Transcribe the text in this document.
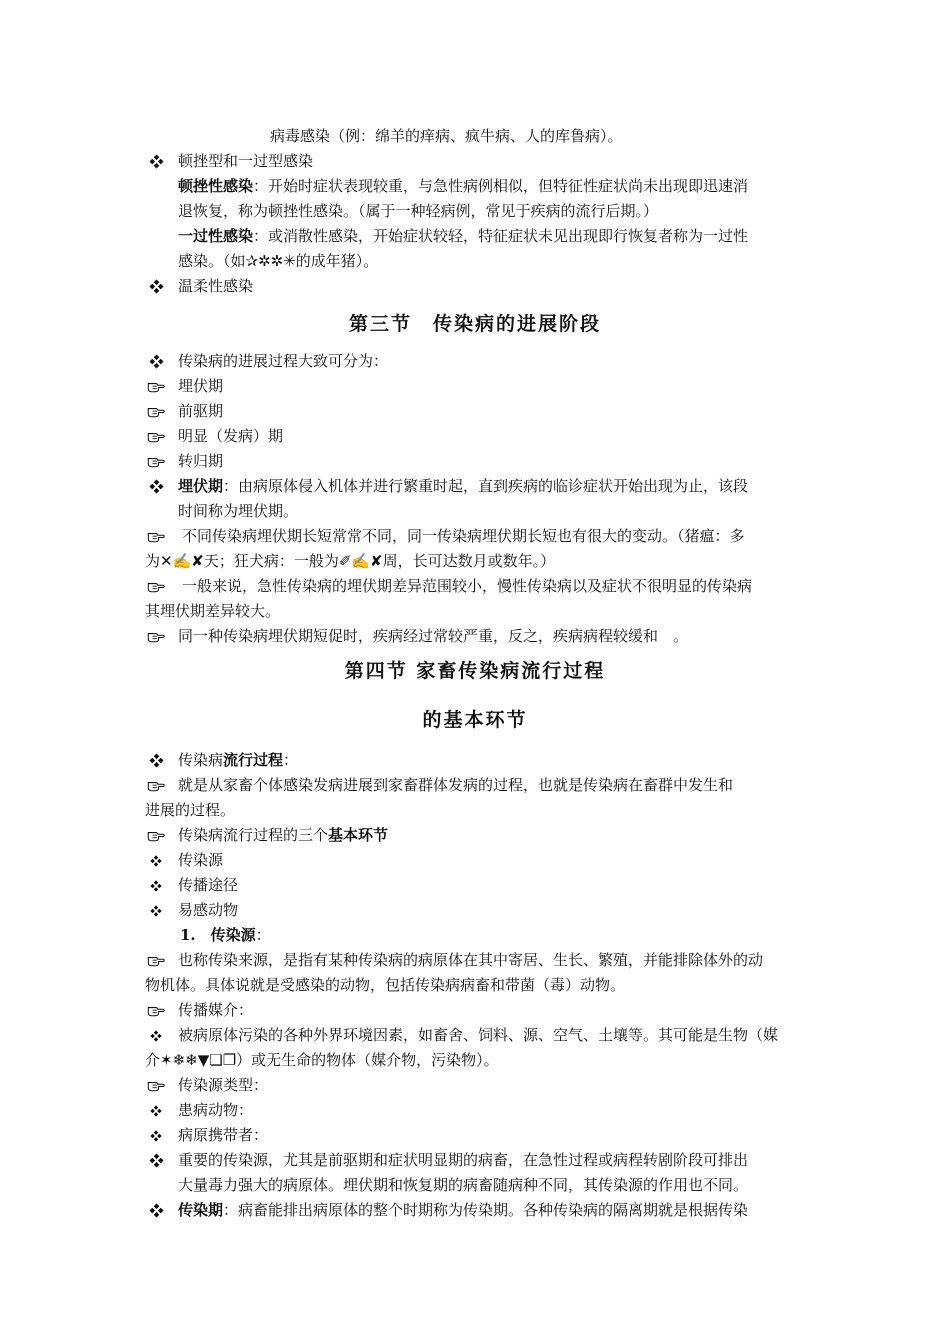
病毒感染（例：绵羊的痒病、疯牛病、人的库鲁病）。
顿挫型和一过型感染
顿挫性感染：开始时症状表现较重，与急性病例相似，但特征性症状尚未出现即迅速消
退恢复，称为顿挫性感染。（属于一种轻病例，常见于疾病的流行后期。）
一过性感染：或消散性感染，开始症状较轻，特征症状未见出现即行恢复者称为一过性
感染。（如✰✲✲✳的成年猪）。
温柔性感染
第三节　传染病的进展阶段
传染病的进展过程大致可分为：
埋伏期
前驱期
明显（发病）期
转归期
埋伏期：由病原体侵入机体并进行繁重时起，直到疾病的临诊症状开始出现为止，该段
时间称为埋伏期。
不同传染病埋伏期长短常常不同，同一传染病埋伏期长短也有很大的变动。（猪瘟：多
为✕✍✘天；狂犬病：一般为✐✍✘周，长可达数月或数年。）
一般来说，急性传染病的埋伏期差异范围较小，慢性传染病以及症状不很明显的传染病
其埋伏期差异较大。
同一种传染病埋伏期短促时，疾病经过常较严重，反之，疾病病程较缓和　。
第四节 家畜传染病流行过程
的基本环节
传染病流行过程：
就是从家畜个体感染发病进展到家畜群体发病的过程，也就是传染病在畜群中发生和
进展的过程。
传染病流行过程的三个基本环节
传染源
传播途径
易感动物
1.　传染源：
也称传染来源，是指有某种传染病的病原体在其中寄居、生长、繁殖，并能排除体外的动
物机体。具体说就是受感染的动物，包括传染病病畜和带菌（毒）动物。
传播媒介：
被病原体污染的各种外界环境因素，如畜舍、饲料、源、空气、土壤等。其可能是生物（媒
介✶❄❄▼❏❐）或无生命的物体（媒介物，污染物）。
传染源类型：
患病动物：
病原携带者：
重要的传染源，尤其是前驱期和症状明显期的病畜，在急性过程或病程转剧阶段可排出
大量毒力强大的病原体。埋伏期和恢复期的病畜随病种不同，其传染源的作用也不同。
传染期：病畜能排出病原体的整个时期称为传染期。各种传染病的隔离期就是根据传染
